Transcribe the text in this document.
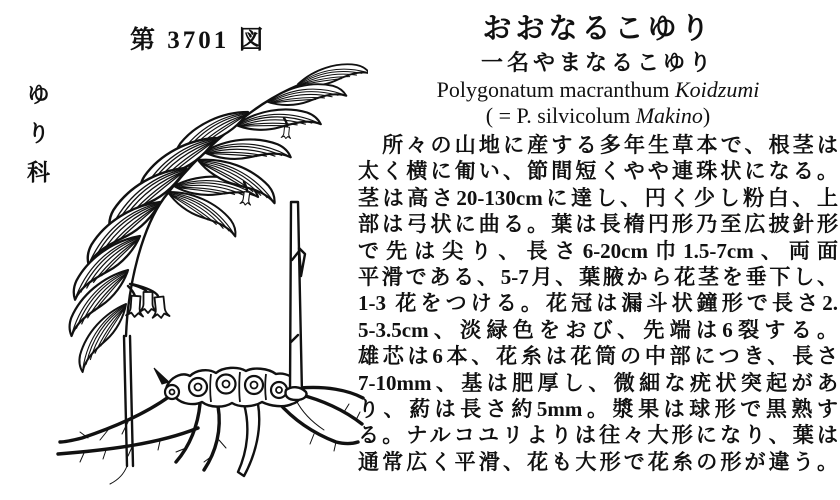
第 3701 図
ゆり科
おおなるこゆり
一名やまなるこゆり
Polygonatum macranthum Koidzumi
( = P. silvicolum Makino)
　所々の山地に産する多年生草本で、根茎は
太く横に匍い、節間短くやや連珠状になる。
茎は高さ20-130cmに達し、円く少し粉白、上
部は弓状に曲る。葉は長楕円形乃至広披針形
で先は尖り、長さ6-20cm巾1.5-7cm、両面
平滑である、5-7月、葉腋から花茎を垂下し、
1-3 花をつける。花冠は漏斗状鐘形で長さ2.
5-3.5cm、淡緑色をおび、先端は6裂する。
雄芯は6本、花糸は花筒の中部につき、長さ
7-10mm、基は肥厚し、微細な疣状突起があ
り、葯は長さ約5mm。漿果は球形で黒熟す
る。ナルコユリよりは往々大形になり、葉は
通常広く平滑、花も大形で花糸の形が違う。
